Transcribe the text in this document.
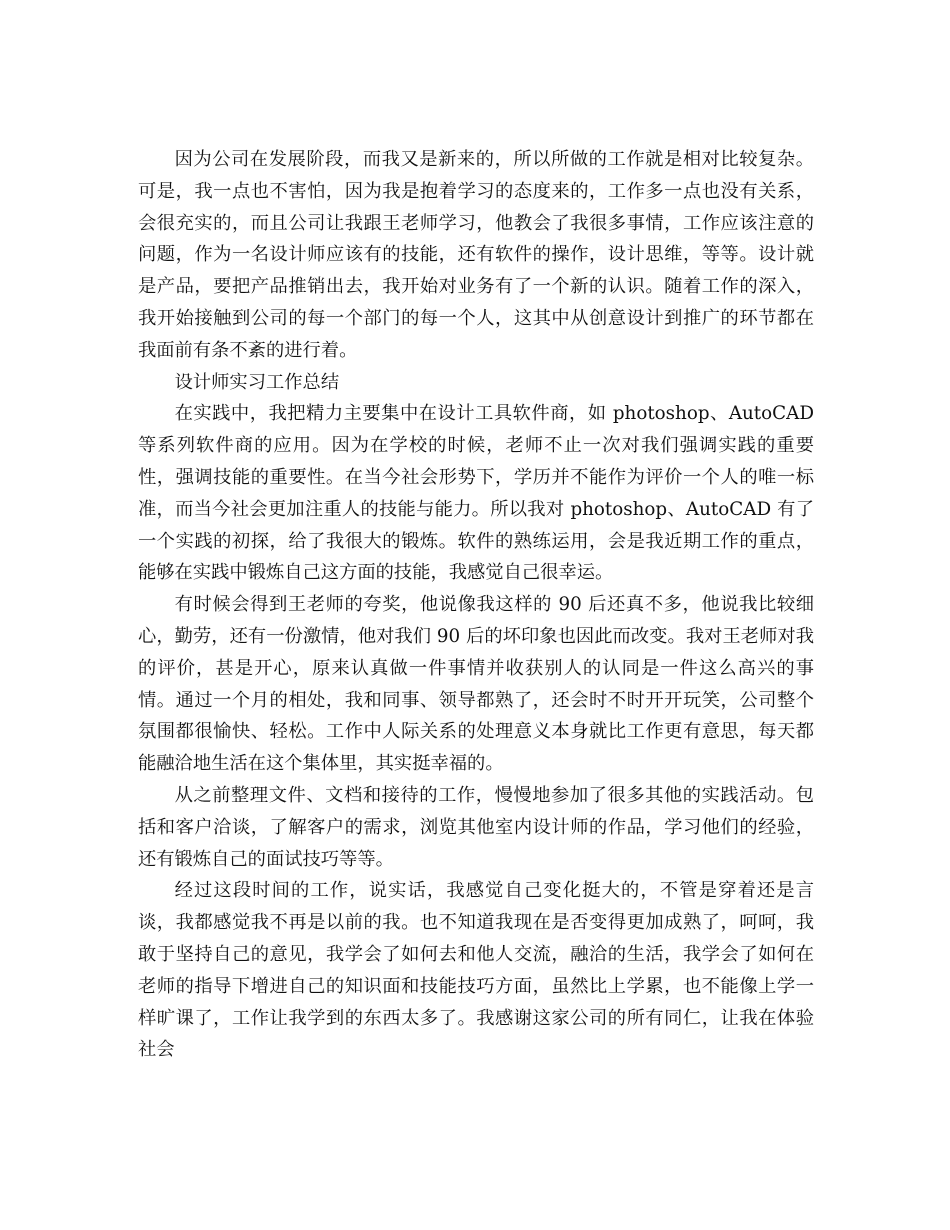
因为公司在发展阶段，而我又是新来的，所以所做的工作就是相对比较复杂。可是，我一点也不害怕，因为我是抱着学习的态度来的，工作多一点也没有关系，会很充实的，而且公司让我跟王老师学习，他教会了我很多事情，工作应该注意的问题，作为一名设计师应该有的技能，还有软件的操作，设计思维，等等。设计就是产品，要把产品推销出去，我开始对业务有了一个新的认识。随着工作的深入，我开始接触到公司的每一个部门的每一个人，这其中从创意设计到推广的环节都在我面前有条不紊的进行着。

设计师实习工作总结

在实践中，我把精力主要集中在设计工具软件商，如 photoshop、AutoCAD 等系列软件商的应用。因为在学校的时候，老师不止一次对我们强调实践的重要性，强调技能的重要性。在当今社会形势下，学历并不能作为评价一个人的唯一标准，而当今社会更加注重人的技能与能力。所以我对 photoshop、AutoCAD 有了一个实践的初探，给了我很大的锻炼。软件的熟练运用，会是我近期工作的重点，能够在实践中锻炼自己这方面的技能，我感觉自己很幸运。

有时候会得到王老师的夸奖，他说像我这样的 90 后还真不多，他说我比较细心，勤劳，还有一份激情，他对我们 90 后的坏印象也因此而改变。我对王老师对我的评价，甚是开心，原来认真做一件事情并收获别人的认同是一件这么高兴的事情。通过一个月的相处，我和同事、领导都熟了，还会时不时开开玩笑，公司整个氛围都很愉快、轻松。工作中人际关系的处理意义本身就比工作更有意思，每天都能融洽地生活在这个集体里，其实挺幸福的。

从之前整理文件、文档和接待的工作，慢慢地参加了很多其他的实践活动。包括和客户洽谈，了解客户的需求，浏览其他室内设计师的作品，学习他们的经验，还有锻炼自己的面试技巧等等。

经过这段时间的工作，说实话，我感觉自己变化挺大的，不管是穿着还是言谈，我都感觉我不再是以前的我。也不知道我现在是否变得更加成熟了，呵呵，我敢于坚持自己的意见，我学会了如何去和他人交流，融洽的生活，我学会了如何在老师的指导下增进自己的知识面和技能技巧方面，虽然比上学累，也不能像上学一样旷课了，工作让我学到的东西太多了。我感谢这家公司的所有同仁，让我在体验社会
